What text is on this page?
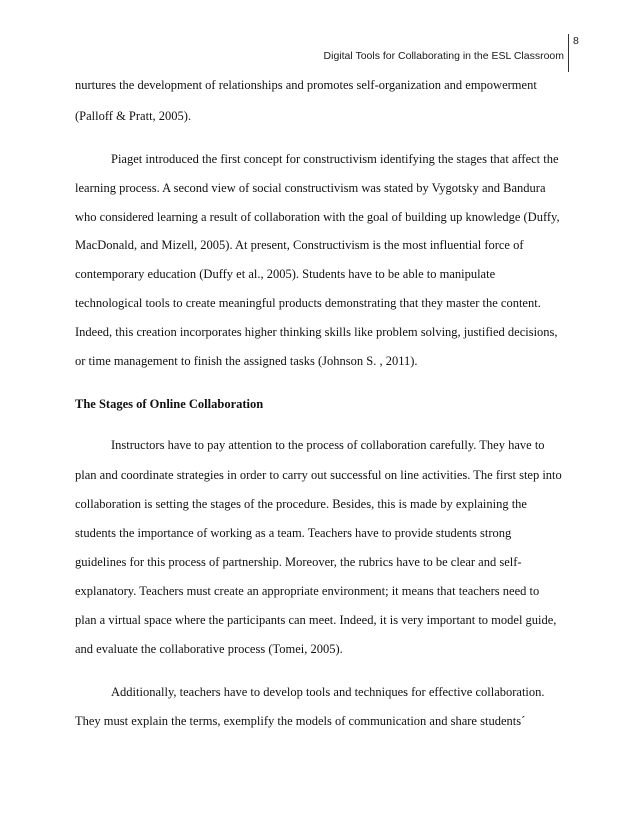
Digital Tools for Collaborating in the ESL Classroom
8
nurtures the development of relationships and promotes self-organization and empowerment
(Palloff & Pratt, 2005).
Piaget introduced the first concept for constructivism identifying the stages that affect the
learning process. A second view of social constructivism was stated by Vygotsky and Bandura
who considered learning a result of collaboration with the goal of building up knowledge (Duffy,
MacDonald, and Mizell, 2005). At present, Constructivism is the most influential force of
contemporary education (Duffy et al., 2005). Students have to be able to manipulate
technological tools to create meaningful products demonstrating that they master the content.
Indeed, this creation incorporates higher thinking skills like problem solving, justified decisions,
or time management to finish the assigned tasks (Johnson S. , 2011).
The Stages of Online Collaboration
Instructors have to pay attention to the process of collaboration carefully. They have to
plan and coordinate strategies in order to carry out successful on line activities. The first step into
collaboration is setting the stages of the procedure. Besides, this is made by explaining the
students the importance of working as a team. Teachers have to provide students strong
guidelines for this process of partnership. Moreover, the rubrics have to be clear and self-
explanatory. Teachers must create an appropriate environment; it means that teachers need to
plan a virtual space where the participants can meet. Indeed, it is very important to model guide,
and evaluate the collaborative process (Tomei, 2005).
Additionally, teachers have to develop tools and techniques for effective collaboration.
They must explain the terms, exemplify the models of communication and share students´
